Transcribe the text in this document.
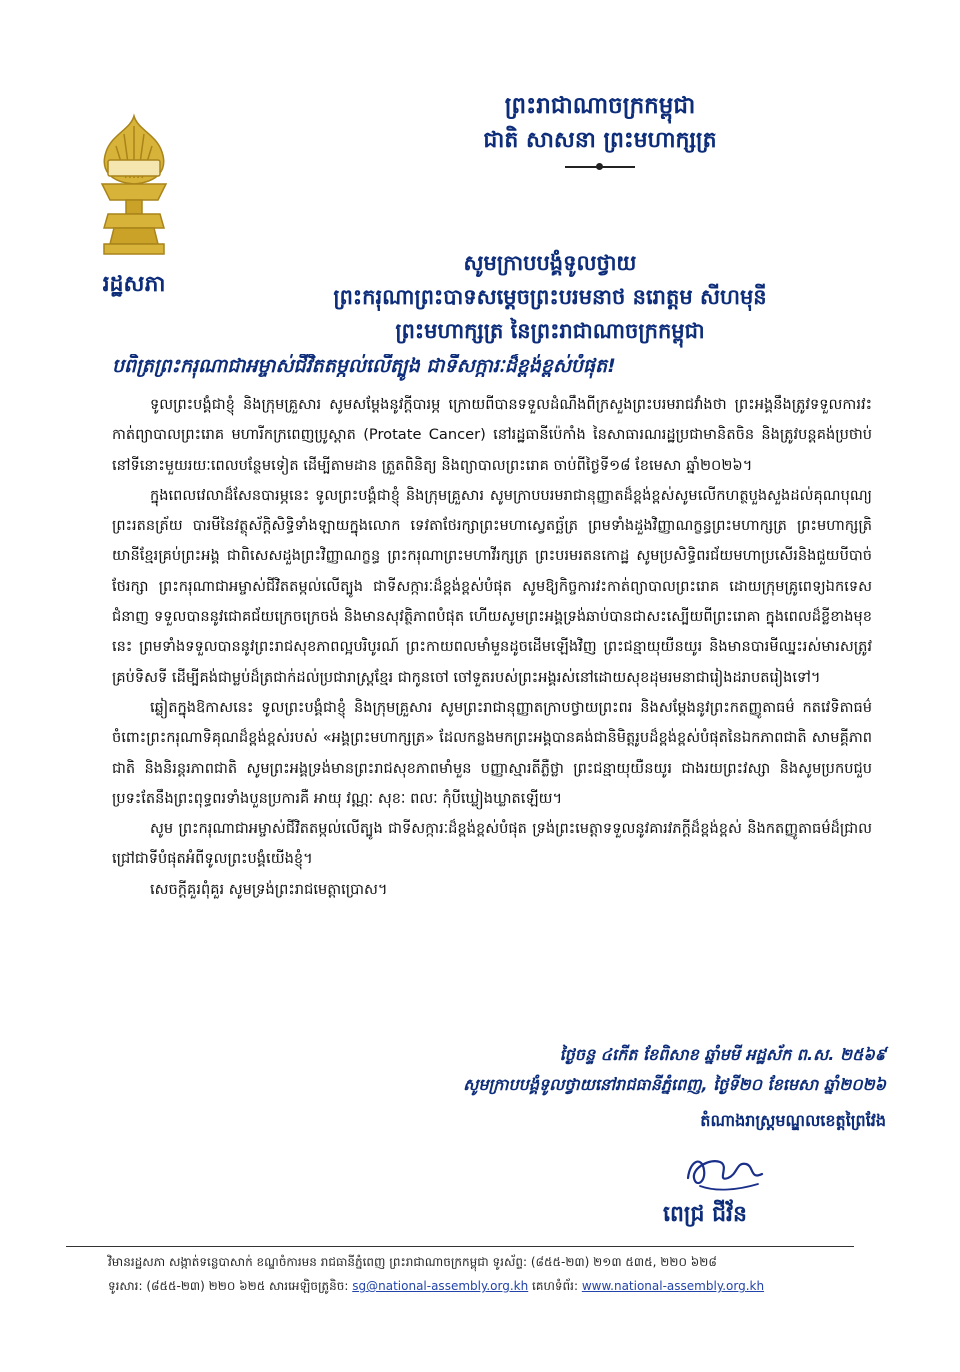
រដ្ឋសភា
ព្រះរាជាណាចក្រកម្ពុជា
ជាតិ សាសនា ព្រះមហាក្សត្រ
សូមក្រាបបង្គំទូលថ្វាយ
ព្រះករុណាព្រះបាទសម្តេចព្រះបរមនាថ នរោត្តម សីហមុនី
ព្រះមហាក្សត្រ នៃព្រះរាជាណាចក្រកម្ពុជា
បពិត្រព្រះករុណាជាអម្ចាស់ជីវិតតម្កល់លើត្បូង ជាទីសក្ការៈដ៏ខ្ពង់ខ្ពស់បំផុត!

ទូលព្រះបង្គំជាខ្ញុំ និងក្រុមគ្រួសារ សូមសម្តែងនូវក្តីបារម្ភ ក្រោយពីបានទទួលដំណឹងពីក្រសួងព្រះបរមរាជវាំងថា ព្រះអង្គនឹងត្រូវទទួលការវះកាត់ព្យាបាលព្រះរោគ មហារីកក្រពេញប្រូស្តាត (Protate Cancer) នៅរដ្ឋធានីប៉េកាំង នៃសាធារណរដ្ឋប្រជាមានិតចិន និងត្រូវបន្តគង់ប្រថាប់នៅទីនោះមួយរយៈពេលបន្ថែមទៀត ដើម្បីតាមដាន ត្រួតពិនិត្យ និងព្យាបាលព្រះរោគ ចាប់ពីថ្ងៃទី១៨ ខែមេសា ឆ្នាំ២០២៦។

ក្នុងពេលវេលាដ៏សែនបារម្ភនេះ ទូលព្រះបង្គំជាខ្ញុំ និងក្រុមគ្រួសារ សូមក្រាបបរមរាជានុញ្ញាតដ៏ខ្ពង់ខ្ពស់សូមលើកហត្ថបួងសួងដល់គុណបុណ្យព្រះរតនត្រ័យ បារមីនៃវត្ថុស័ក្តិសិទ្ធិទាំងឡាយក្នុងលោក ទេវតាថែរក្សាព្រះមហាស្វេតច្ឆ័ត្រ ព្រមទាំងដួងវិញ្ញាណក្ខន្ធព្រះមហាក្សត្រ ព្រះមហាក្សត្រិយានីខ្មែរគ្រប់ព្រះអង្គ ជាពិសេសដួងព្រះវិញ្ញាណក្ខន្ធ ព្រះករុណាព្រះមហាវីរក្សត្រ ព្រះបរមរតនកោដ្ឋ សូមប្រសិទ្ធិពរជ័យមហាប្រសើរនិងជួយបីបាច់ថែរក្សា ព្រះករុណាជាអម្ចាស់ជីវិតតម្កល់លើត្បូង ជាទីសក្ការៈដ៏ខ្ពង់ខ្ពស់បំផុត សូមឱ្យកិច្ចការវះកាត់ព្យាបាលព្រះរោគ ដោយក្រុមគ្រូពេទ្យឯកទេសជំនាញ ទទួលបាននូវជោគជ័យក្រេចក្រេចង់ និងមានសុវត្ថិភាពបំផុត ហើយសូមព្រះអង្គទ្រង់ឆាប់បានជាសះស្បើយពីព្រះរោគា ក្នុងពេលដ៏ខ្លីខាងមុខនេះ ព្រមទាំងទទួលបាននូវព្រះរាជសុខភាពល្អបរិបូរណ៍ ព្រះកាយពលមាំមួនដូចដើមឡើងវិញ ព្រះជន្មាយុយឺនយូរ និងមានបារមីឈ្នះរស់មារសត្រូវគ្រប់ទិសទី ដើម្បីគង់ជាម្លប់ដ៏ត្រជាក់ដល់ប្រជារាស្ត្រខ្មែរ ជាកូនចៅ ចៅទួតរបស់ព្រះអង្គរស់នៅដោយសុខដុមរមនាជារៀងដរាបតរៀងទៅ។

ឆ្លៀតក្នុងឱកាសនេះ ទូលព្រះបង្គំជាខ្ញុំ និងក្រុមគ្រួសារ សូមព្រះរាជានុញ្ញាតក្រាបថ្វាយព្រះពរ និងសម្តែងនូវព្រះកតញ្ញូតាធម៌ កតវេទិតាធម៌ ចំពោះព្រះករុណាទិគុណដ៏ខ្ពង់ខ្ពស់របស់ «អង្គព្រះមហាក្សត្រ» ដែលកន្លងមកព្រះអង្គបានគង់ជានិមិត្តរូបដ៏ខ្ពង់ខ្ពស់បំផុតនៃឯកភាពជាតិ សាមគ្គីភាពជាតិ និងនិរន្តរភាពជាតិ សូមព្រះអង្គទ្រង់មានព្រះរាជសុខភាពមាំមួន បញ្ញាស្មារតីភ្លឺថ្លា ព្រះជន្មាយុយឺនយូរ ជាងរយព្រះវស្សា និងសូមប្រកបជួបប្រទះតែនឹងព្រះពុទ្ធពរទាំងបួនប្រការគឺ អាយុ វណ្ណៈ សុខៈ ពលៈ កុំបីឃ្លៀងឃ្លាតឡើយ។

សូម ព្រះករុណាជាអម្ចាស់ជីវិតតម្កល់លើត្បូង ជាទីសក្ការៈដ៏ខ្ពង់ខ្ពស់បំផុត ទ្រង់ព្រះមេត្តាទទួលនូវគារវភក្តីដ៏ខ្ពង់ខ្ពស់ និងកតញ្ញូតាធម៌ដ៏ជ្រាលជ្រៅជាទីបំផុតអំពីទូលព្រះបង្គំយើងខ្ញុំ។

សេចក្តីគួរពុំគួរ សូមទ្រង់ព្រះរាជមេត្តាប្រោស។

ថ្ងៃចន្ទ ៤កើត ខែពិសាខ ឆ្នាំមមី អដ្ឋស័ក ព.ស. ២៥៦៩
សូមក្រាបបង្គំទូលថ្វាយនៅរាជធានីភ្នំពេញ, ថ្ងៃទី២០ ខែមេសា ឆ្នាំ២០២៦
តំណាងរាស្ត្រមណ្ឌលខេត្តព្រៃវែង
ពេជ្រ ជីវ័ន
វិមានរដ្ឋសភា សង្កាត់ទន្លេបាសាក់ ខណ្ឌចំការមន រាជធានីភ្នំពេញ ព្រះរាជាណាចក្រកម្ពុជា ទូរស័ព្ទ: (៨៥៥-២៣) ២១៣ ៥៣៥, ២២០ ៦២៨
ទូរសារ: (៨៥៥-២៣) ២២០ ៦២៥ សារអេឡិចត្រូនិច: sg@national-assembly.org.kh គេហទំព័រ: www.national-assembly.org.kh
